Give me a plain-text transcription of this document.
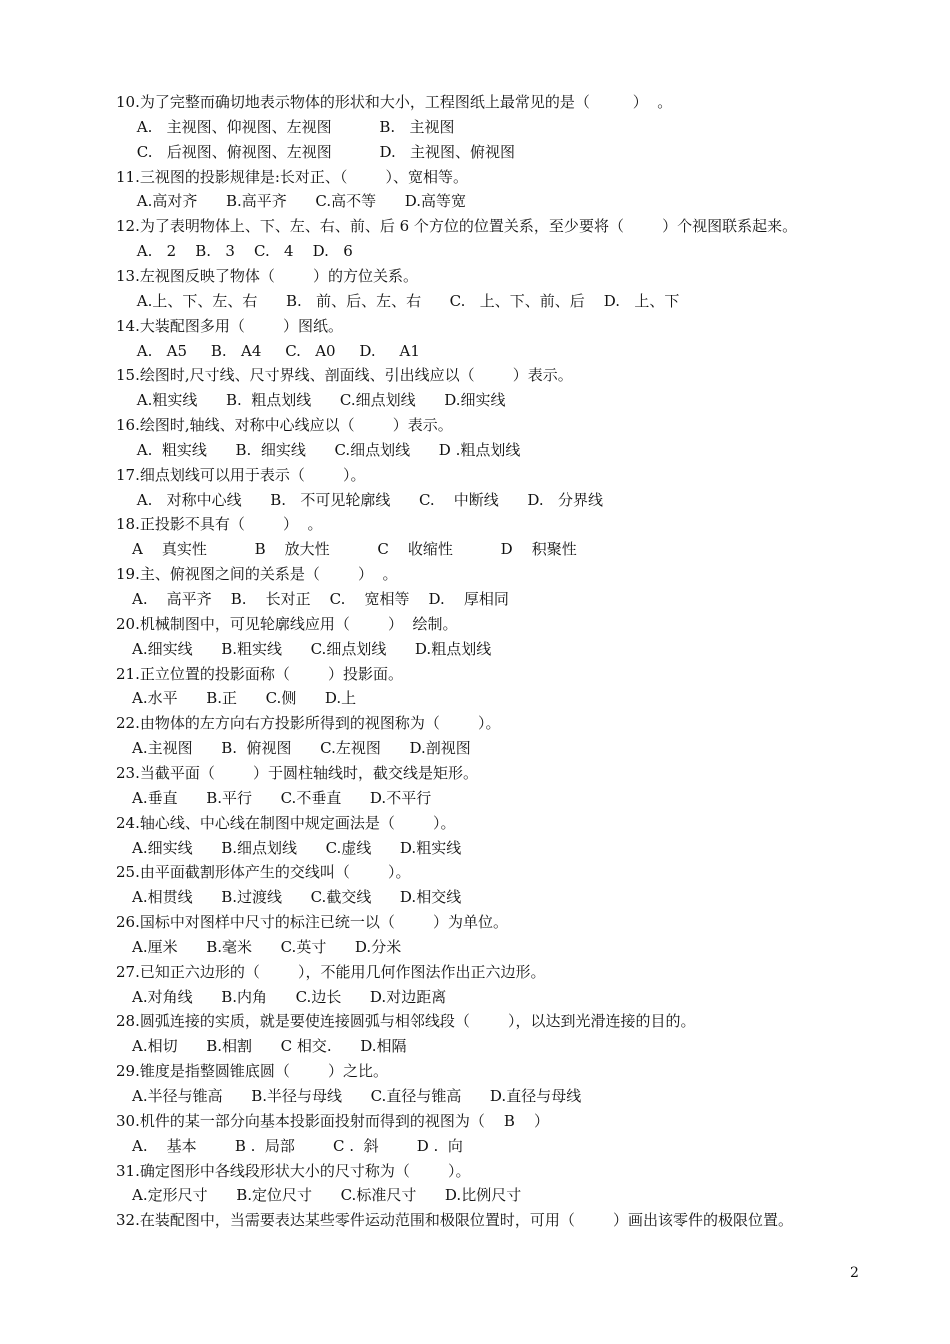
10.为了完整而确切地表示物体的形状和大小，工程图纸上最常见的是（         ）  。
A.   主视图、仰视图、左视图          B.   主视图
C.   后视图、俯视图、左视图          D.   主视图、俯视图
11.三视图的投影规律是:长对正、（        ）、宽相等。
A.高对齐      B.高平齐      C.高不等      D.高等宽
12.为了表明物体上、下、左、右、前、后 6 个方位的位置关系，至少要将（        ）个视图联系起来。
A.   2    B.   3    C.   4    D.   6
13.左视图反映了物体（        ）的方位关系。
A.上、下、左、右      B.   前、后、左、右      C.   上、下、前、后    D.   上、下
14.大装配图多用（        ）图纸。
A.   A5     B.   A4     C.   A0     D.     A1
15.绘图时,尺寸线、尺寸界线、剖面线、引出线应以（        ）表示。
A.粗实线      B.  粗点划线      C.细点划线      D.细实线
16.绘图时,轴线、对称中心线应以（        ）表示。
A.  粗实线      B.  细实线      C.细点划线      D .粗点划线
17.细点划线可以用于表示（        ）。
A.   对称中心线      B.   不可见轮廓线      C.    中断线      D.   分界线
18.正投影不具有（        ）  。
A    真实性          B    放大性          C    收缩性          D    积聚性
19.主、俯视图之间的关系是（        ）  。
A.    高平齐    B.    长对正    C.    宽相等    D.    厚相同
20.机械制图中，可见轮廓线应用（        ）  绘制。
A.细实线      B.粗实线      C.细点划线      D.粗点划线
21.正立位置的投影面称（        ）投影面。
A.水平      B.正      C.侧      D.上
22.由物体的左方向右方投影所得到的视图称为（        ）。
A.主视图      B.  俯视图      C.左视图      D.剖视图
23.当截平面（        ）于圆柱轴线时，截交线是矩形。
A.垂直      B.平行      C.不垂直      D.不平行
24.轴心线、中心线在制图中规定画法是（        ）。
A.细实线      B.细点划线      C.虚线      D.粗实线
25.由平面截割形体产生的交线叫（        ）。
A.相贯线      B.过渡线      C.截交线      D.相交线
26.国标中对图样中尺寸的标注已统一以（        ）为单位。
A.厘米      B.毫米      C.英寸      D.分米
27.已知正六边形的（        ），不能用几何作图法作出正六边形。
A.对角线      B.内角      C.边长      D.对边距离
28.圆弧连接的实质，就是要使连接圆弧与相邻线段（        ），以达到光滑连接的目的。
A.相切      B.相割      C 相交.      D.相隔
29.锥度是指整圆锥底圆（        ）之比。
A.半径与锥高      B.半径与母线      C.直径与锥高      D.直径与母线
30.机件的某一部分向基本投影面投射而得到的视图为（    B    ）
A.    基本        B .  局部        C .  斜        D .  向
31.确定图形中各线段形状大小的尺寸称为（        ）。
A.定形尺寸      B.定位尺寸      C.标准尺寸      D.比例尺寸
32.在装配图中，当需要表达某些零件运动范围和极限位置时，可用（        ）画出该零件的极限位置。
2
